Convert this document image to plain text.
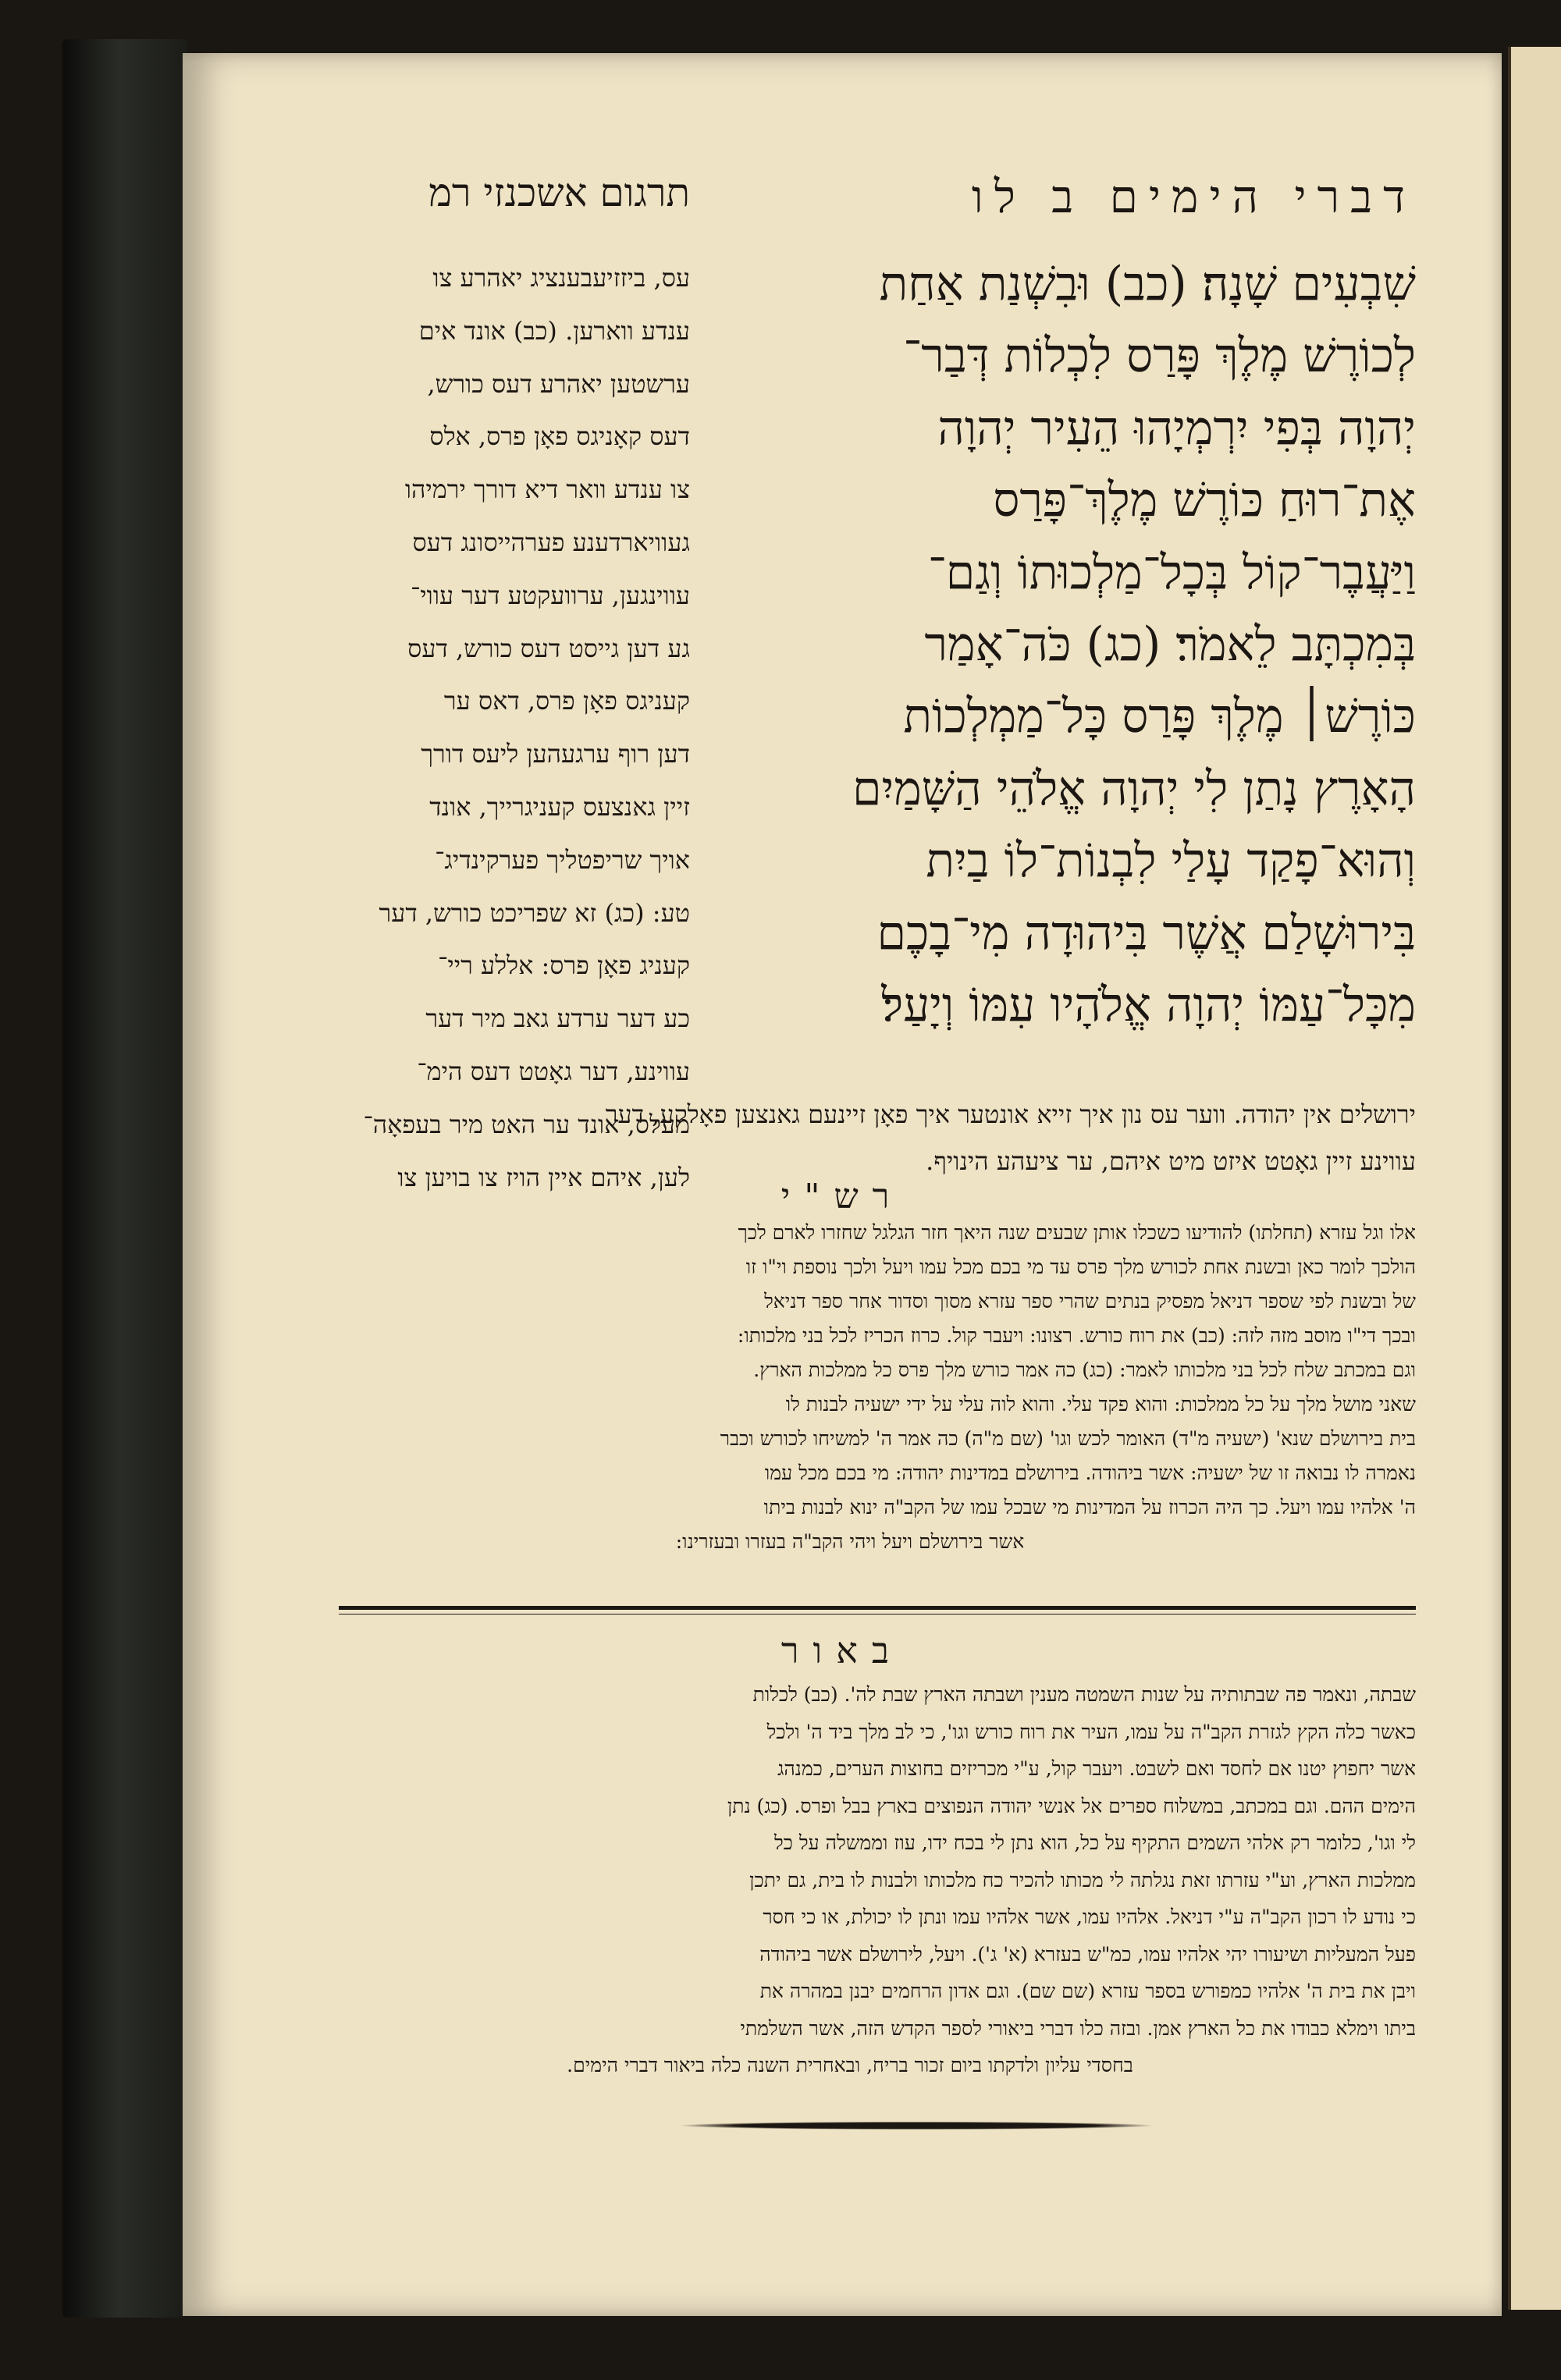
דברי הימים ב לו
תרגום אשכנזי רמ
שִׁבְעִים שָׁנָה׃ (כב) וּבִשְׁנַת אַחַת
לְכוֹרֶשׁ מֶלֶךְ פָּרַס לִכְלוֹת דְּבַר־
יְהוָה בְּפִי יִרְמְיָהוּ הֵעִיר יְהוָה
אֶת־רוּחַ כּוֹרֶשׁ מֶלֶךְ־פָּרַס
וַיַּעֲבֶר־קוֹל בְּכָל־מַלְכוּתוֹ וְגַם־
בְּמִכְתָּב לֵאמֹר׃ (כג) כֹּה־אָמַר
כּוֹרֶשׁ׀ מֶלֶךְ פָּרַס כָּל־מַמְלְכוֹת
הָאָרֶץ נָתַן לִי יְהוָה אֱלֹהֵי הַשָּׁמַיִם
וְהוּא־פָקַד עָלַי לִבְנוֹת־לוֹ בַיִת
בִּירוּשָׁלַם אֲשֶׁר בִּיהוּדָה מִי־בָכֶם
מִכָּל־עַמּוֹ יְהוָה אֱלֹהָיו עִמּוֹ וְיָעַל׃
עס, ביזזיעבענציג יאהרע צו
ענדע ווארען. (כב) אונד אים
ערשטען יאהרע דעס כורש,
דעס קאָניגס פאָן פרס, אלס
צו ענדע וואר דיא דורך ירמיהו
געוויארדענע פערהייסונג דעס
עווינגען, ערוועקטע דער עווי־
גע דען גייסט דעס כורש, דעס
קעניגס פאָן פרס, דאס ער
דען רוף ערגעהען ליעס דורך
זיין גאנצעס קעניגרייך, אונד
אויך שריפטליך פערקינדיג־
טע: (כג) זא שפריכט כורש, דער
קעניג פאָן פרס: אללע ריי־
כע דער ערדע גאב מיר דער
עווינע, דער גאָטט דעס הימ־
מעלס, אונד ער האט מיר בעפאָה־
לען, איהם איין הויז צו בויען צו
ירושלים אין יהודה. ווער עס נון איך זייא אונטער איך פאָן זיינעם גאנצען פאָלקע, דער
עווינע זיין גאָטט איזט מיט איהם, ער ציעהע הינויף.
רש"י
אלו וגל עזרא (תחלתו) להודיעו כשכלו אותן שבעים שנה היאך חזר הגלגל שחזרו לארם לכך
הולכך לומר כאן ובשנת אחת לכורש מלך פרס עד מי בכם מכל עמו ויעל ולכך נוספת וי"ו זו
של ובשנת לפי שספר דניאל מפסיק בנתים שהרי ספר עזרא מסוך וסדור אחר ספר דניאל
ובכך די"ו מוסב מזה לזה: (כב) את רוח כורש. רצונו: ויעבר קול. כרוז הכריז לכל בני מלכותו:
וגם במכתב שלח לכל בני מלכותו לאמר: (כג) כה אמר כורש מלך פרס כל ממלכות הארץ.
שאני מושל מלך על כל ממלכות: והוא פקד עלי. והוא לוה עלי על ידי ישעיה לבנות לו
בית בירושלם שנא' (ישעיה מ"ד) האומר לכש וגו' (שם מ"ה) כה אמר ה' למשיחו לכורש וכבר
נאמרה לו נבואה זו של ישעיה: אשר ביהודה. בירושלם במדינות יהודה: מי בכם מכל עמו
ה' אלהיו עמו ויעל. כך היה הכרוז על המדינות מי שבכל עמו של הקב"ה ינוא לבנות ביתו
אשר בירושלם ויעל ויהי הקב"ה בעזרו ובעזרינו:
באור
שבתה, ונאמר פה שבתותיה על שנות השמטה מענין ושבתה הארץ שבת לה'. (כב) לכלות
כאשר כלה הקץ לגזרת הקב"ה על עמו, העיר את רוח כורש וגו', כי לב מלך ביד ה' ולכל
אשר יחפוץ יטנו אם לחסד ואם לשבט. ויעבר קול, ע"י מכריזים בחוצות הערים, כמנהג
הימים ההם. וגם במכתב, במשלוח ספרים אל אנשי יהודה הנפוצים בארץ בבל ופרס. (כג) נתן
לי וגו', כלומר רק אלהי השמים התקיף על כל, הוא נתן לי בכח ידו, עוז וממשלה על כל
ממלכות הארץ, וע"י עזרתו זאת נגלתה לי מכותו להכיר כח מלכותו ולבנות לו בית, גם יתכן
כי נודע לו רכון הקב"ה ע"י דניאל. אלהיו עמו, אשר אלהיו עמו ונתן לו יכולת, או כי חסר
פעל המעליות ושיעורו יהי אלהיו עמו, כמ"ש בעזרא (א' ג'). ויעל, לירושלם אשר ביהודה
ויבן את בית ה' אלהיו כמפורש בספר עזרא (שם שם). וגם אדון הרחמים יבנן במהרה את
ביתו וימלא כבודו את כל הארץ אמן. ובזה כלו דברי ביאורי לספר הקדש הזה, אשר השלמתי
בחסדי עליון ולדקתו ביום זכור בריח, ובאחרית השנה כלה ביאור דברי הימים.
